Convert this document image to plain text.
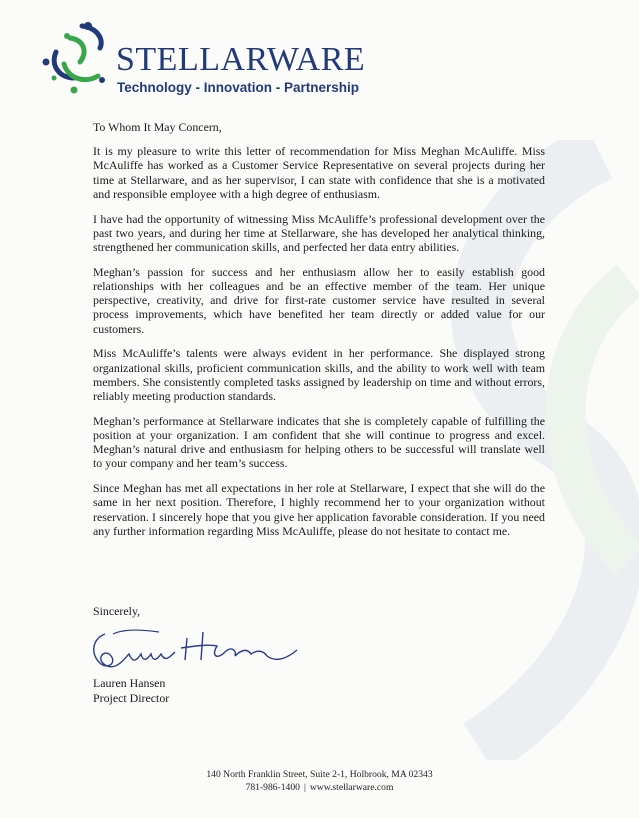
STELLARWARE
Technology - Innovation - Partnership

To Whom It May Concern,

It is my pleasure to write this letter of recommendation for Miss Meghan McAuliffe. Miss McAuliffe has worked as a Customer Service Representative on several projects during her time at Stellarware, and as her supervisor, I can state with confidence that she is a motivated and responsible employee with a high degree of enthusiasm.

I have had the opportunity of witnessing Miss McAuliffe’s professional development over the past two years, and during her time at Stellarware, she has developed her analytical thinking, strengthened her communication skills, and perfected her data entry abilities.

Meghan’s passion for success and her enthusiasm allow her to easily establish good relationships with her colleagues and be an effective member of the team. Her unique perspective, creativity, and drive for first-rate customer service have resulted in several process improvements, which have benefited her team directly or added value for our customers.

Miss McAuliffe’s talents were always evident in her performance. She displayed strong organizational skills, proficient communication skills, and the ability to work well with team members. She consistently completed tasks assigned by leadership on time and without errors, reliably meeting production standards.

Meghan’s performance at Stellarware indicates that she is completely capable of fulfilling the position at your organization. I am confident that she will continue to progress and excel. Meghan’s natural drive and enthusiasm for helping others to be successful will translate well to your company and her team’s success.

Since Meghan has met all expectations in her role at Stellarware, I expect that she will do the same in her next position. Therefore, I highly recommend her to your organization without reservation. I sincerely hope that you give her application favorable consideration. If you need any further information regarding Miss McAuliffe, please do not hesitate to contact me.

Sincerely,
Lauren Hansen
Project Director
140 North Franklin Street, Suite 2-1, Holbrook, MA 02343
781-986-1400 | www.stellarware.com
